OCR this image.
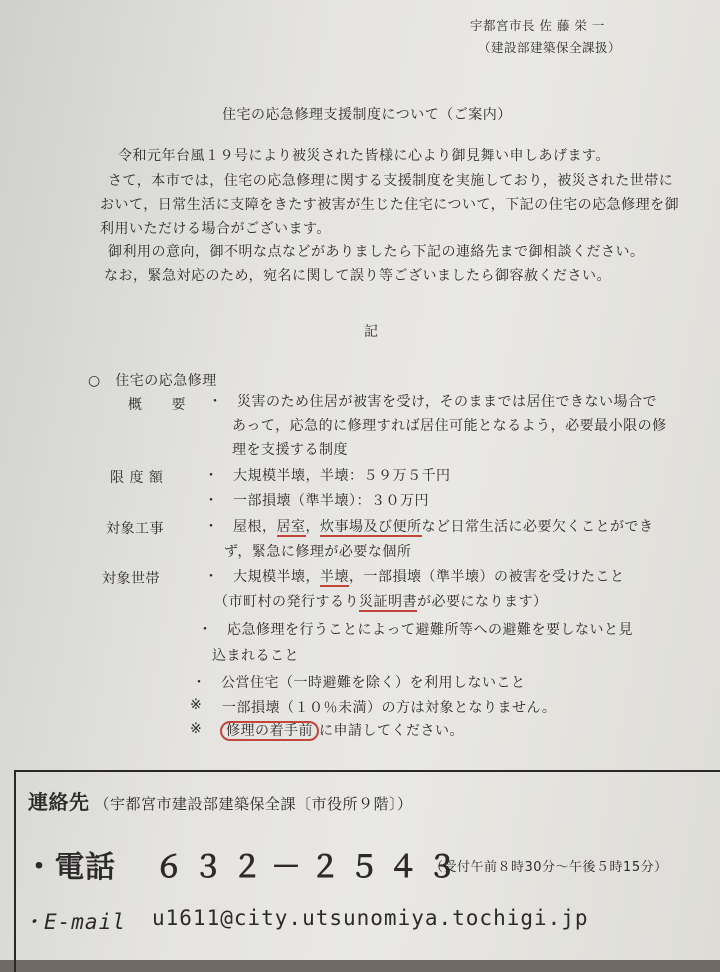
宇都宮市長 佐 藤 栄 一
（建設部建築保全課扱）
住宅の応急修理支援制度について（ご案内）
令和元年台風１９号により被災された皆様に心より御見舞い申しあげます。
さて，本市では，住宅の応急修理に関する支援制度を実施しており，被災された世帯に
おいて，日常生活に支障をきたす被害が生じた住宅について，下記の住宅の応急修理を御
利用いただける場合がございます。
御利用の意向，御不明な点などがありましたら下記の連絡先まで御相談ください。
なお，緊急対応のため，宛名に関して誤り等ございましたら御容赦ください。
記
○　住宅の応急修理
概　　要 ・　災害のため住居が被害を受け，そのままでは居住できない場合で
あって，応急的に修理すれば居住可能となるよう，必要最小限の修
理を支援する制度
限 度 額	・　大規模半壊，半壊：５９万５千円
・　一部損壊（準半壊）：３０万円
対象工事	・　屋根，居室，炊事場及び便所など日常生活に必要欠くことができ
ず，緊急に修理が必要な個所
対象世帯	・　大規模半壊，半壊，一部損壊（準半壊）の被害を受けたこと
（市町村の発行するり災証明書が必要になります）
・　応急修理を行うことによって避難所等への避難を要しないと見
込まれること
・　公営住宅（一時避難を除く）を利用しないこと
※ 一部損壊（１０％未満）の方は対象となりません。
※ 修理の着手前 に申請してください。
連絡先 （宇都宮市建設部建築保全課〔市役所９階〕）
・電話 ６３２－２５４３
（受付午前８時30分～午後５時15分）
・E-mail u1611@city.utsunomiya.tochigi.jp
